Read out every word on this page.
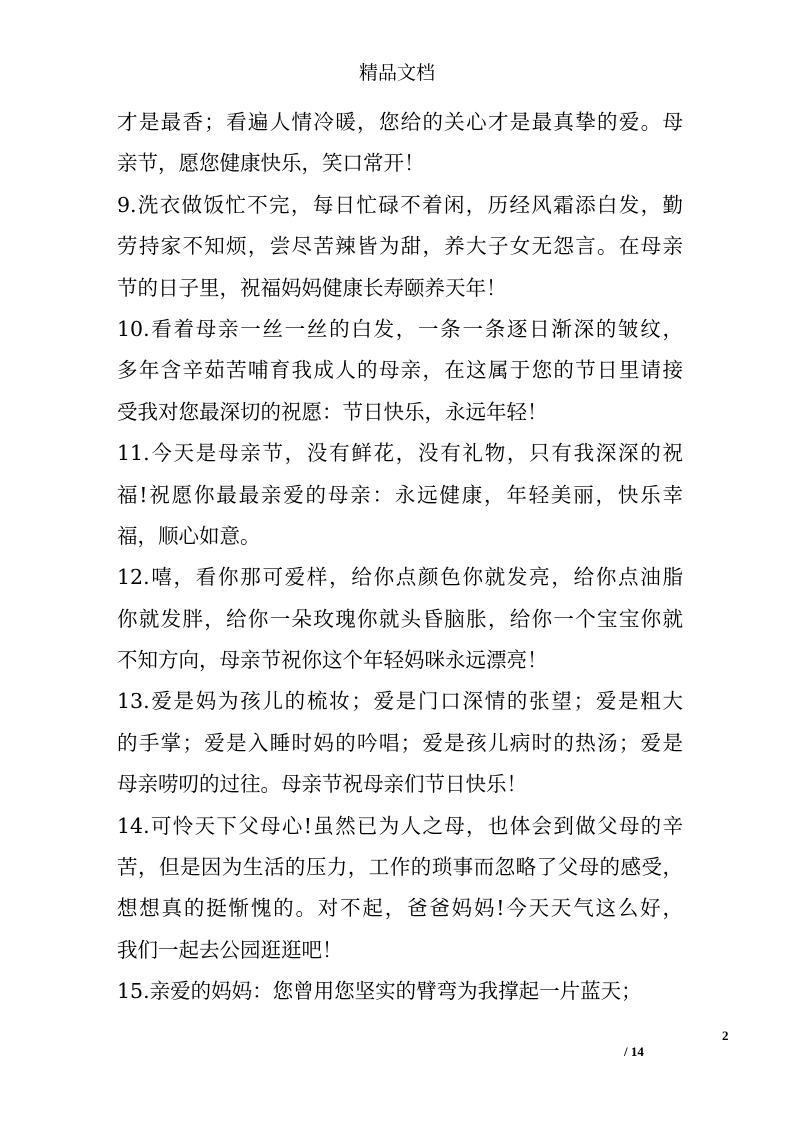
精品文档
才是最香；看遍人情冷暖，您给的关心才是最真挚的爱。母
亲节，愿您健康快乐，笑口常开！
9.洗衣做饭忙不完，每日忙碌不着闲，历经风霜添白发，勤
劳持家不知烦，尝尽苦辣皆为甜，养大子女无怨言。在母亲
节的日子里，祝福妈妈健康长寿颐养天年！
10.看着母亲一丝一丝的白发，一条一条逐日渐深的皱纹，
多年含辛茹苦哺育我成人的母亲，在这属于您的节日里请接
受我对您最深切的祝愿：节日快乐，永远年轻！
11.今天是母亲节，没有鲜花，没有礼物，只有我深深的祝
福!祝愿你最最亲爱的母亲：永远健康，年轻美丽，快乐幸
福，顺心如意。
12.嘻，看你那可爱样，给你点颜色你就发亮，给你点油脂
你就发胖，给你一朵玫瑰你就头昏脑胀，给你一个宝宝你就
不知方向，母亲节祝你这个年轻妈咪永远漂亮！
13.爱是妈为孩儿的梳妆；爱是门口深情的张望；爱是粗大
的手掌；爱是入睡时妈的吟唱；爱是孩儿病时的热汤；爱是
母亲唠叨的过往。母亲节祝母亲们节日快乐！
14.可怜天下父母心!虽然已为人之母，也体会到做父母的辛
苦，但是因为生活的压力，工作的琐事而忽略了父母的感受，
想想真的挺惭愧的。对不起，爸爸妈妈!今天天气这么好，
我们一起去公园逛逛吧！
15.亲爱的妈妈：您曾用您坚实的臂弯为我撑起一片蓝天；
2
/ 14
